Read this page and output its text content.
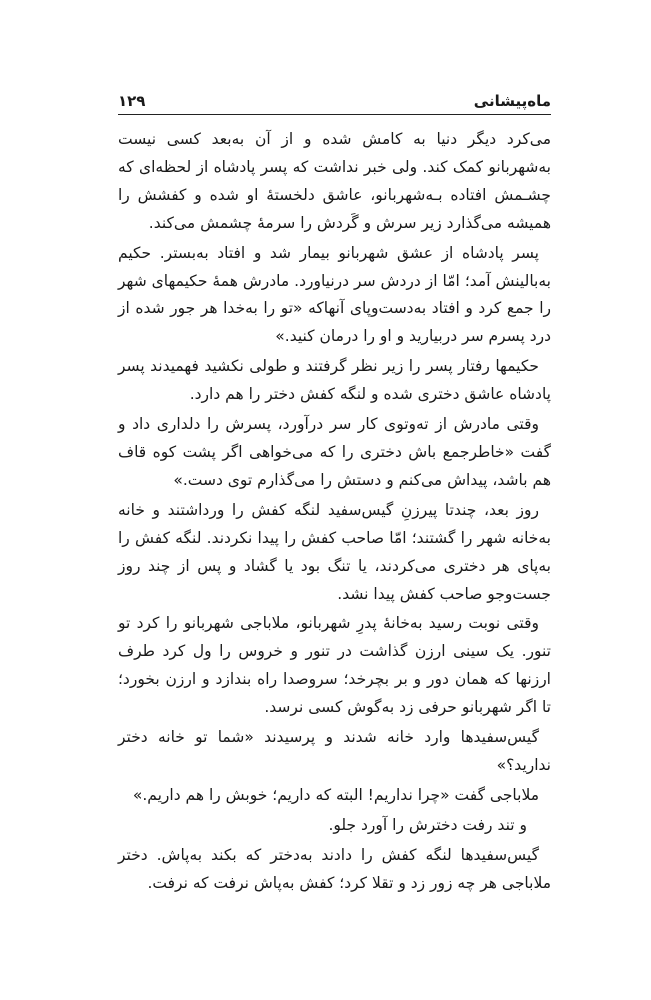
ماه‌پیشانی
۱۲۹

می‌کرد دیگر دنیا به کامش شده و از آن به‌بعد کسی نیست به‌شهربانو کمک کند. ولی خبر نداشت که پسر پادشاه از لحظه‌ای که چشـمش افتاده بـه‌شهربانو، عاشق دلخستهٔ او شده و کفشش را همیشه می‌گذارد زیر سرش و گَردش را سرمهٔ چشمش می‌کند.

پسر پادشاه از عشق شهربانو بیمار شد و افتاد به‌بستر. حکیم به‌بالینش آمد؛ امّا از دردش سر درنیاورد. مادرش همهٔ حکیمهای شهر را جمع کرد و افتاد به‌دست‌وپای آنهاکه «تو را به‌خدا هر جور شده از درد پسرم سر دربیارید و او را درمان کنید.»

حکیمها رفتار پسر را زیر نظر گرفتند و طولی نکشید فهمیدند پسر پادشاه عاشق دختری شده و لنگه کفش دختر را هم دارد.

وقتی مادرش از ته‌وتوی کار سر درآورد، پسرش را دلداری داد و گفت «خاطرجمع باش دختری را که می‌خواهی اگر پشت کوه قاف هم باشد، پیداش می‌کنم و دستش را می‌گذارم توی دست.»

روز بعد، چندتا پیرزنِ گیس‌سفید لنگه کفش را ورداشتند و خانه به‌خانه شهر را گشتند؛ امّا صاحب کفش را پیدا نکردند. لنگه کفش را به‌پای هر دختری می‌کردند، یا تنگ بود یا گشاد و پس از چند روز جست‌وجو صاحب کفش پیدا نشد.

وقتی نوبت رسید به‌خانهٔ پدرِ شهربانو، ملاباجی شهربانو را کرد تو تنور. یک سینی ارزن گذاشت در تنور و خروس را ول کرد طرف ارزنها که همان دور و بر بچرخد؛ سروصدا راه بندازد و ارزن بخورد؛ تا اگر شهربانو حرفی زد به‌گوش کسی نرسد.

گیس‌سفیدها وارد خانه شدند و پرسیدند «شما تو خانه دختر ندارید؟»

ملاباجی گفت «چرا نداریم! البته که داریم؛ خوبش را هم داریم.»

و تند رفت دخترش را آورد جلو.

گیس‌سفیدها لنگه کفش را دادند به‌دختر که بکند به‌پاش. دختر ملاباجی هر چه زور زد و تقلا کرد؛ کفش به‌پاش نرفت که نرفت.
